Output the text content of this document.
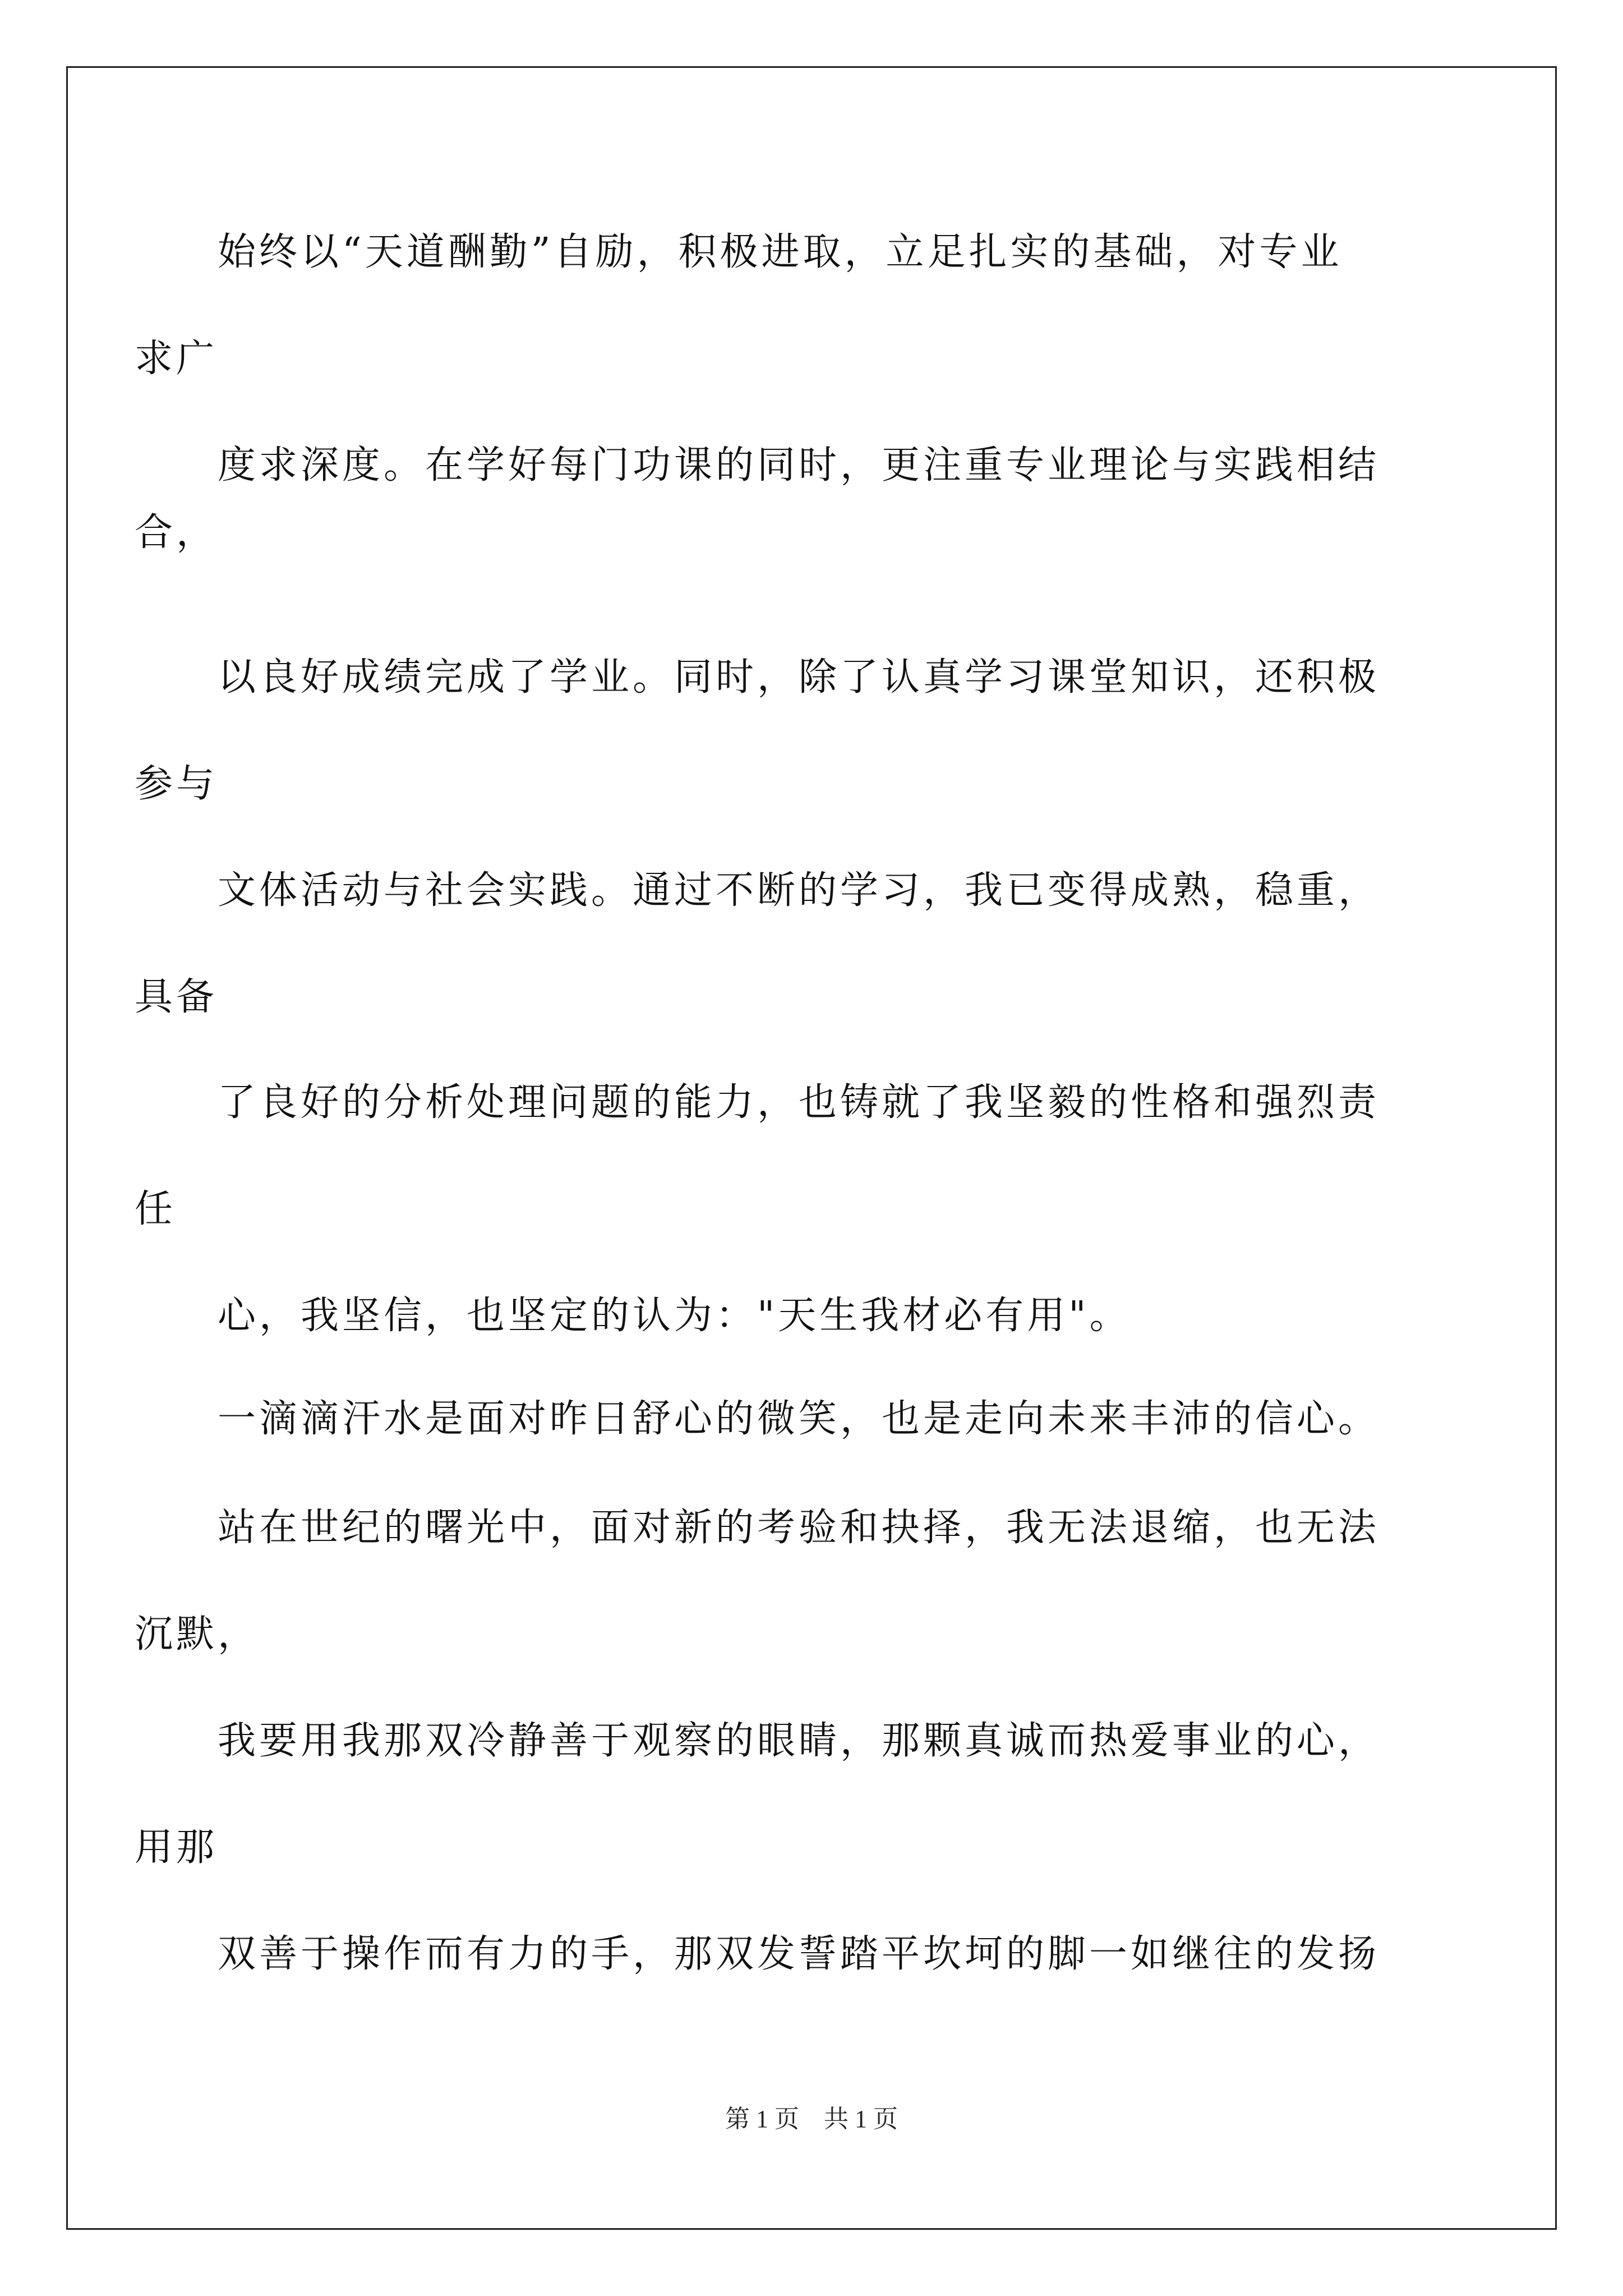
始终以“天道酬勤”自励，积极进取，立足扎实的基础，对专业
求广
度求深度。在学好每门功课的同时，更注重专业理论与实践相结
合，
以良好成绩完成了学业。同时，除了认真学习课堂知识，还积极
参与
文体活动与社会实践。通过不断的学习，我已变得成熟，稳重，
具备
了良好的分析处理问题的能力，也铸就了我坚毅的性格和强烈责
任
心，我坚信，也坚定的认为："天生我材必有用"。
一滴滴汗水是面对昨日舒心的微笑，也是走向未来丰沛的信心。
站在世纪的曙光中，面对新的考验和抉择，我无法退缩，也无法
沉默，
我要用我那双冷静善于观察的眼睛，那颗真诚而热爱事业的心，
用那
双善于操作而有力的手，那双发誓踏平坎坷的脚一如继往的发扬
第 1 页　共 1 页
